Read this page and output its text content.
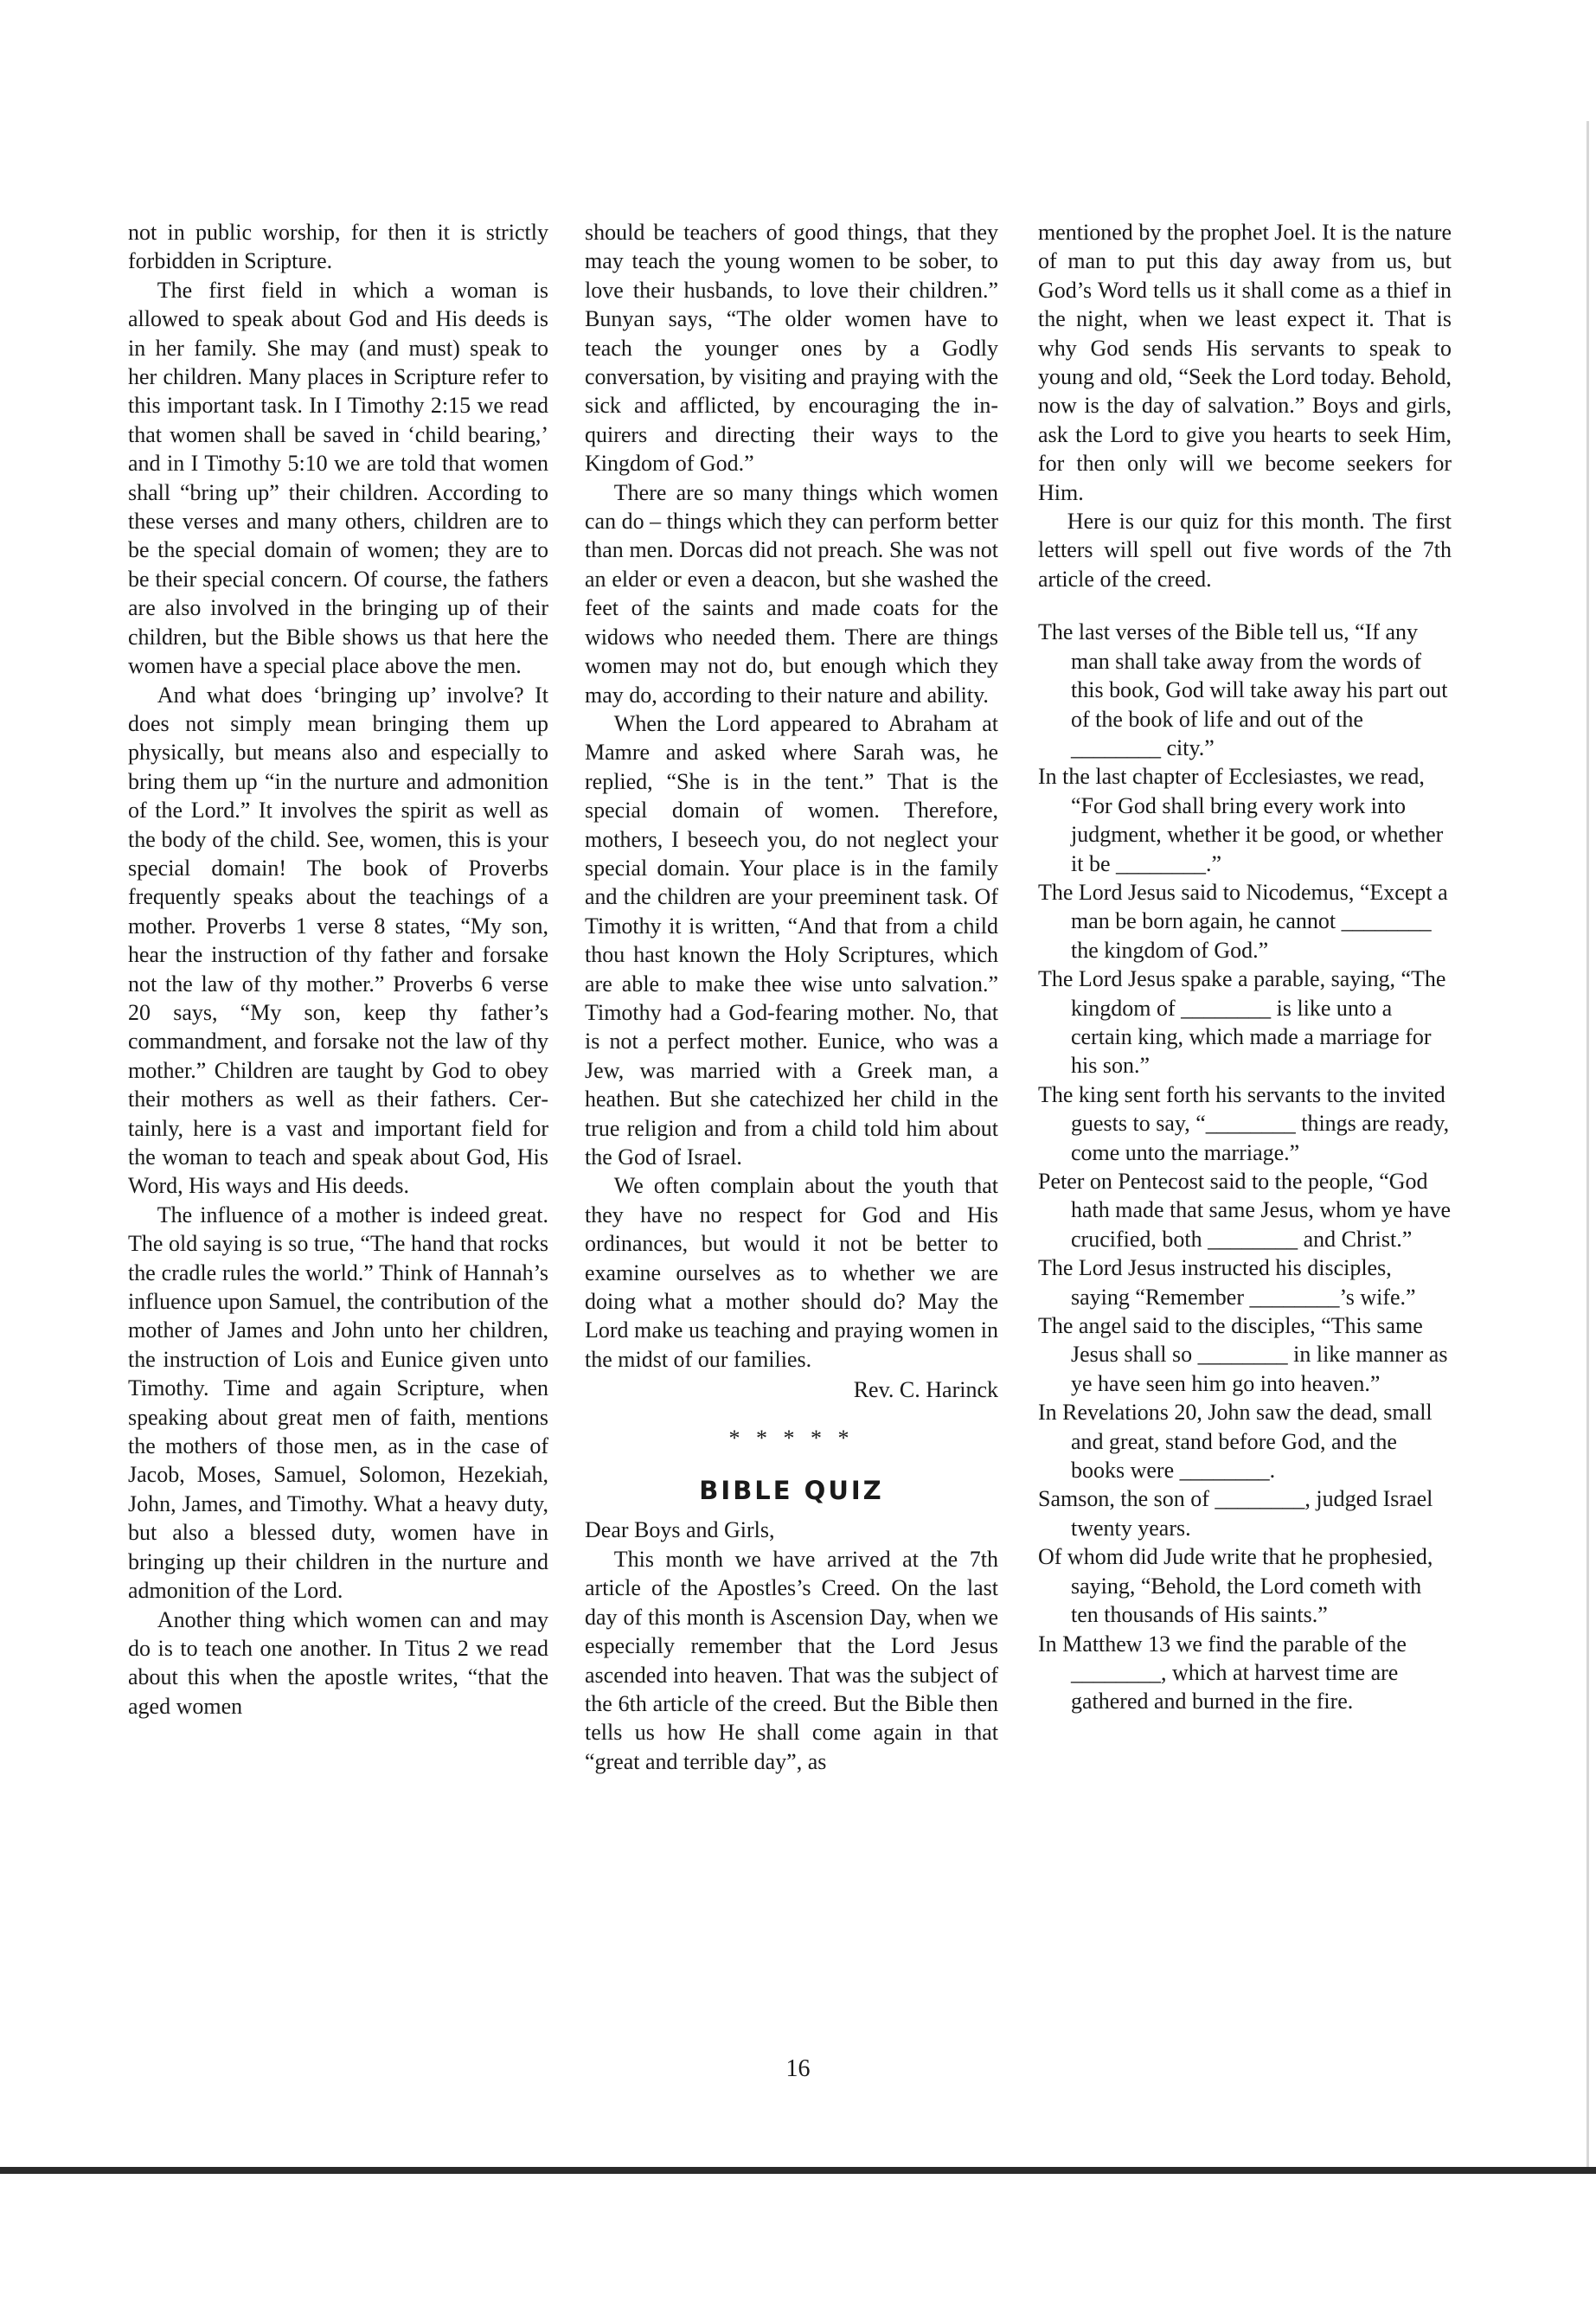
not in public worship, for then it is strictly forbidden in Scripture.

The first field in which a woman is allowed to speak about God and His deeds is in her family. She may (and must) speak to her children. Many places in Scripture refer to this important task. In I Timothy 2:15 we read that women shall be saved in ‘child bearing,’ and in I Timothy 5:10 we are told that women shall “bring up” their children. According to these verses and many others, children are to be the special domain of women; they are to be their special concern. Of course, the fathers are also involved in the bringing up of their children, but the Bible shows us that here the women have a special place above the men.

And what does ‘bringing up’ involve? It does not simply mean bringing them up physically, but means also and especially to bring them up “in the nurture and admonition of the Lord.” It involves the spirit as well as the body of the child. See, women, this is your special domain! The book of Proverbs frequently speaks about the teachings of a mother. Proverbs 1 verse 8 states, “My son, hear the instruction of thy father and forsake not the law of thy mother.” Proverbs 6 verse 20 says, “My son, keep thy father’s commandment, and forsake not the law of thy mother.” Children are taught by God to obey their mothers as well as their fathers. Certainly, here is a vast and important field for the woman to teach and speak about God, His Word, His ways and His deeds.

The influence of a mother is indeed great. The old saying is so true, “The hand that rocks the cradle rules the world.” Think of Hannah’s influence upon Samuel, the contribution of the mother of James and John unto her children, the instruction of Lois and Eunice given unto Timothy. Time and again Scripture, when speaking about great men of faith, mentions the mothers of those men, as in the case of Jacob, Moses, Samuel, Solomon, Hezekiah, John, James, and Timothy. What a heavy duty, but also a blessed duty, women have in bringing up their children in the nurture and admonition of the Lord.

Another thing which women can and may do is to teach one another. In Titus 2 we read about this when the apostle writes, “that the aged women

should be teachers of good things, that they may teach the young women to be sober, to love their husbands, to love their children.” Bunyan says, “The older women have to teach the younger ones by a Godly conversation, by visiting and praying with the sick and afflicted, by encouraging the inquirers and directing their ways to the Kingdom of God.”

There are so many things which women can do – things which they can perform better than men. Dorcas did not preach. She was not an elder or even a deacon, but she washed the feet of the saints and made coats for the widows who needed them. There are things women may not do, but enough which they may do, according to their nature and ability.

When the Lord appeared to Abraham at Mamre and asked where Sarah was, he replied, “She is in the tent.” That is the special domain of women. Therefore, mothers, I beseech you, do not neglect your special domain. Your place is in the family and the children are your preeminent task. Of Timothy it is written, “And that from a child thou hast known the Holy Scriptures, which are able to make thee wise unto salvation.” Timothy had a God-fearing mother. No, that is not a perfect mother. Eunice, who was a Jew, was married with a Greek man, a heathen. But she catechized her child in the true religion and from a child told him about the God of Israel.

We often complain about the youth that they have no respect for God and His ordinances, but would it not be better to examine ourselves as to whether we are doing what a mother should do? May the Lord make us teaching and praying women in the midst of our families.

Rev. C. Harinck

* * * * *

BIBLE QUIZ

Dear Boys and Girls,

This month we have arrived at the 7th article of the Apostles’s Creed. On the last day of this month is Ascension Day, when we especially remember that the Lord Jesus ascended into heaven. That was the subject of the 6th article of the creed. But the Bible then tells us how He shall come again in that “great and terrible day”, as

mentioned by the prophet Joel. It is the nature of man to put this day away from us, but God’s Word tells us it shall come as a thief in the night, when we least expect it. That is why God sends His servants to speak to young and old, “Seek the Lord today. Behold, now is the day of salvation.” Boys and girls, ask the Lord to give you hearts to seek Him, for then only will we become seekers for Him.

Here is our quiz for this month. The first letters will spell out five words of the 7th article of the creed.

The last verses of the Bible tell us, “If any man shall take away from the words of this book, God will take away his part out of the book of life and out of the ________ city.”

In the last chapter of Ecclesiastes, we read, “For God shall bring every work into judgment, whether it be good, or whether it be ________.”

The Lord Jesus said to Nicodemus, “Except a man be born again, he cannot ________ the kingdom of God.”

The Lord Jesus spake a parable, saying, “The kingdom of ________ is like unto a certain king, which made a marriage for his son.”

The king sent forth his servants to the invited guests to say, “________ things are ready, come unto the marriage.”

Peter on Pentecost said to the people, “God hath made that same Jesus, whom ye have crucified, both ________ and Christ.”

The Lord Jesus instructed his disciples, saying “Remember ________’s wife.”

The angel said to the disciples, “This same Jesus shall so ________ in like manner as ye have seen him go into heaven.”

In Revelations 20, John saw the dead, small and great, stand before God, and the books were ________.

Samson, the son of ________, judged Israel twenty years.

Of whom did Jude write that he prophesied, saying, “Behold, the Lord cometh with ten thousands of His saints.”

In Matthew 13 we find the parable of the ________, which at harvest time are gathered and burned in the fire.

16
